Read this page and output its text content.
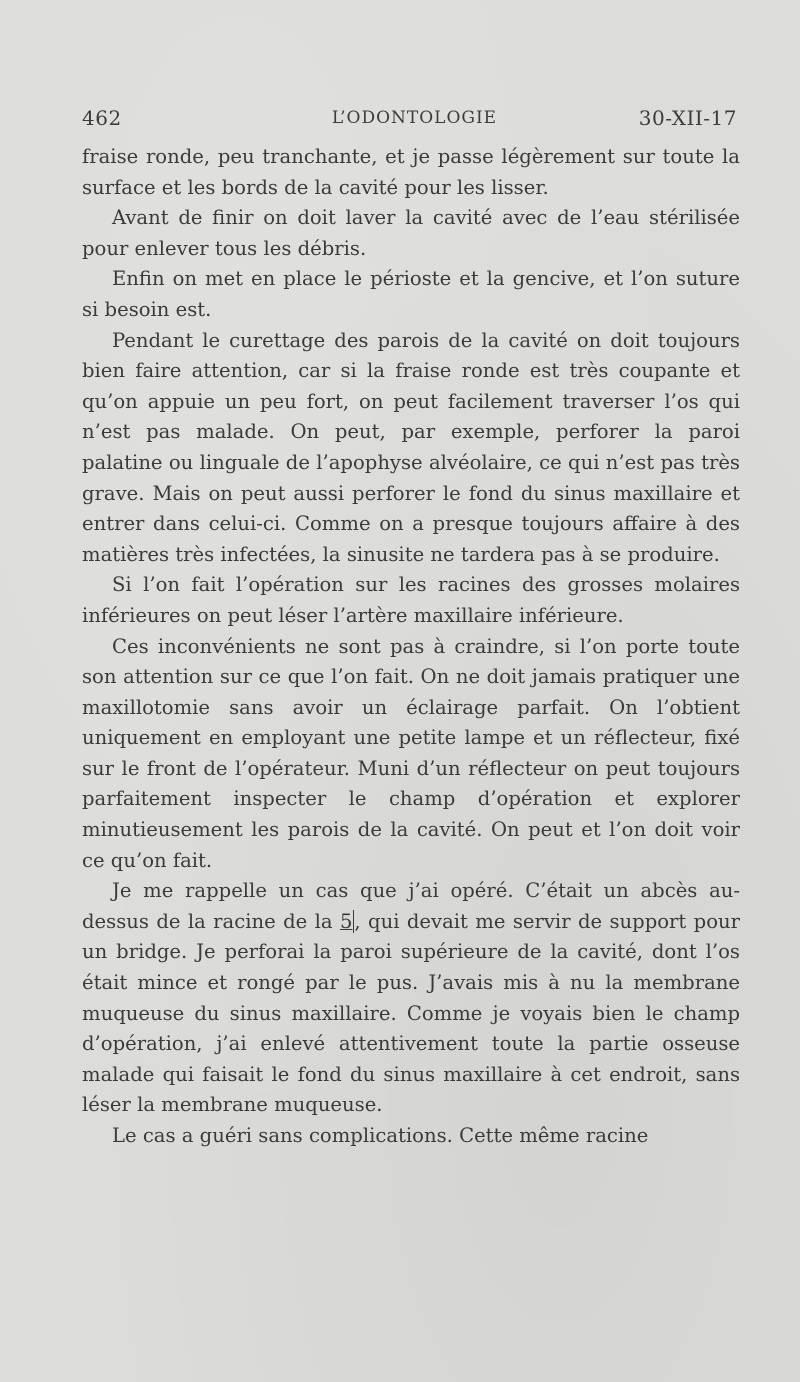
462	L’ODONTOLOGIE	30-XII-17

fraise ronde, peu tranchante, et je passe légèrement sur toute la surface et les bords de la cavité pour les lisser.

Avant de finir on doit laver la cavité avec de l’eau stérilisée pour enlever tous les débris.

Enfin on met en place le périoste et la gencive, et l’on suture si besoin est.

Pendant le curettage des parois de la cavité on doit toujours bien faire attention, car si la fraise ronde est très coupante et qu’on appuie un peu fort, on peut facilement traverser l’os qui n’est pas malade. On peut, par exemple, perforer la paroi palatine ou linguale de l’apophyse alvéolaire, ce qui n’est pas très grave. Mais on peut aussi perforer le fond du sinus maxillaire et entrer dans celui-ci. Comme on a presque toujours affaire à des matières très infectées, la sinusite ne tardera pas à se produire.

Si l’on fait l’opération sur les racines des grosses molaires inférieures on peut léser l’artère maxillaire inférieure.

Ces inconvénients ne sont pas à craindre, si l’on porte toute son attention sur ce que l’on fait. On ne doit jamais pratiquer une maxillotomie sans avoir un éclairage parfait. On l’obtient uniquement en employant une petite lampe et un réflecteur, fixé sur le front de l’opérateur. Muni d’un réflecteur on peut toujours parfaitement inspecter le champ d’opération et explorer minutieusement les parois de la cavité. On peut et l’on doit voir ce qu’on fait.

Je me rappelle un cas que j’ai opéré. C’était un abcès au-dessus de la racine de la 5 , qui devait me servir de support pour un bridge. Je perforai la paroi supérieure de la cavité, dont l’os était mince et rongé par le pus. J’avais mis à nu la membrane muqueuse du sinus maxillaire. Comme je voyais bien le champ d’opération, j’ai enlevé attentivement toute la partie osseuse malade qui faisait le fond du sinus maxillaire à cet endroit, sans léser la membrane muqueuse.

Le cas a guéri sans complications. Cette même racine
